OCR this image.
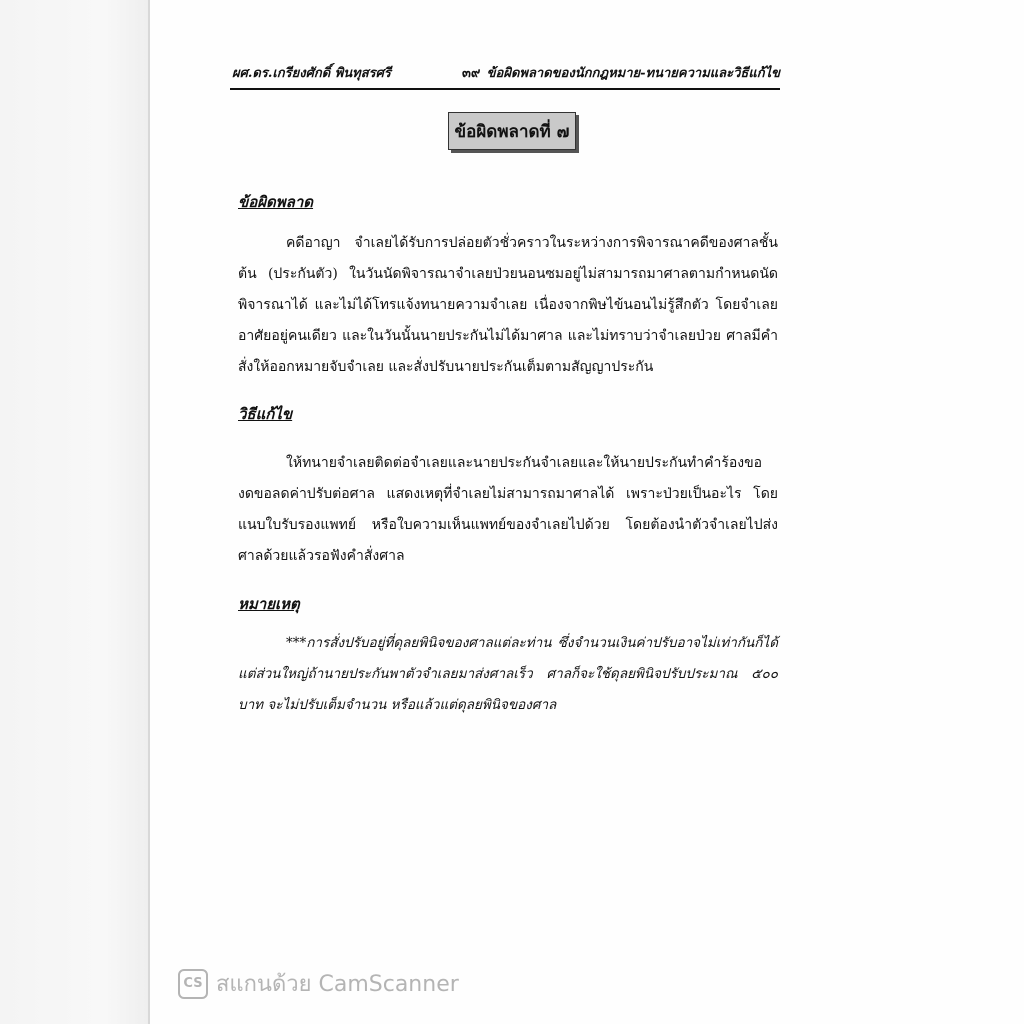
ผศ.ดร.เกรียงศักดิ์ พินทุสรศรี	๓๙ ข้อผิดพลาดของนักกฎหมาย-ทนายความและวิธีแก้ไข
ข้อผิดพลาดที่ ๗
ข้อผิดพลาด
คดีอาญา จำเลยได้รับการปล่อยตัวชั่วคราวในระหว่างการพิจารณาคดีของศาลชั้นต้น (ประกันตัว) ในวันนัดพิจารณาจำเลยป่วยนอนซมอยู่ไม่สามารถมาศาลตามกำหนดนัดพิจารณาได้ และไม่ได้โทรแจ้งทนายความจำเลย เนื่องจากพิษไข้นอนไม่รู้สึกตัว โดยจำเลยอาศัยอยู่คนเดียว และในวันนั้นนายประกันไม่ได้มาศาล และไม่ทราบว่าจำเลยป่วย ศาลมีคำสั่งให้ออกหมายจับจำเลย และสั่งปรับนายประกันเต็มตามสัญญาประกัน
วิธีแก้ไข
ให้ทนายจำเลยติดต่อจำเลยและนายประกันจำเลยและให้นายประกันทำคำร้องของดขอลดค่าปรับต่อศาล แสดงเหตุที่จำเลยไม่สามารถมาศาลได้ เพราะป่วยเป็นอะไร โดยแนบใบรับรองแพทย์ หรือใบความเห็นแพทย์ของจำเลยไปด้วย โดยต้องนำตัวจำเลยไปส่งศาลด้วยแล้วรอฟังคำสั่งศาล
หมายเหตุ
***การสั่งปรับอยู่ที่ดุลยพินิจของศาลแต่ละท่าน ซึ่งจำนวนเงินค่าปรับอาจไม่เท่ากันก็ได้ แต่ส่วนใหญ่ถ้านายประกันพาตัวจำเลยมาส่งศาลเร็ว ศาลก็จะใช้ดุลยพินิจปรับประมาณ ๕๐๐ บาท จะไม่ปรับเต็มจำนวน หรือแล้วแต่ดุลยพินิจของศาล
CS สแกนด้วย CamScanner
